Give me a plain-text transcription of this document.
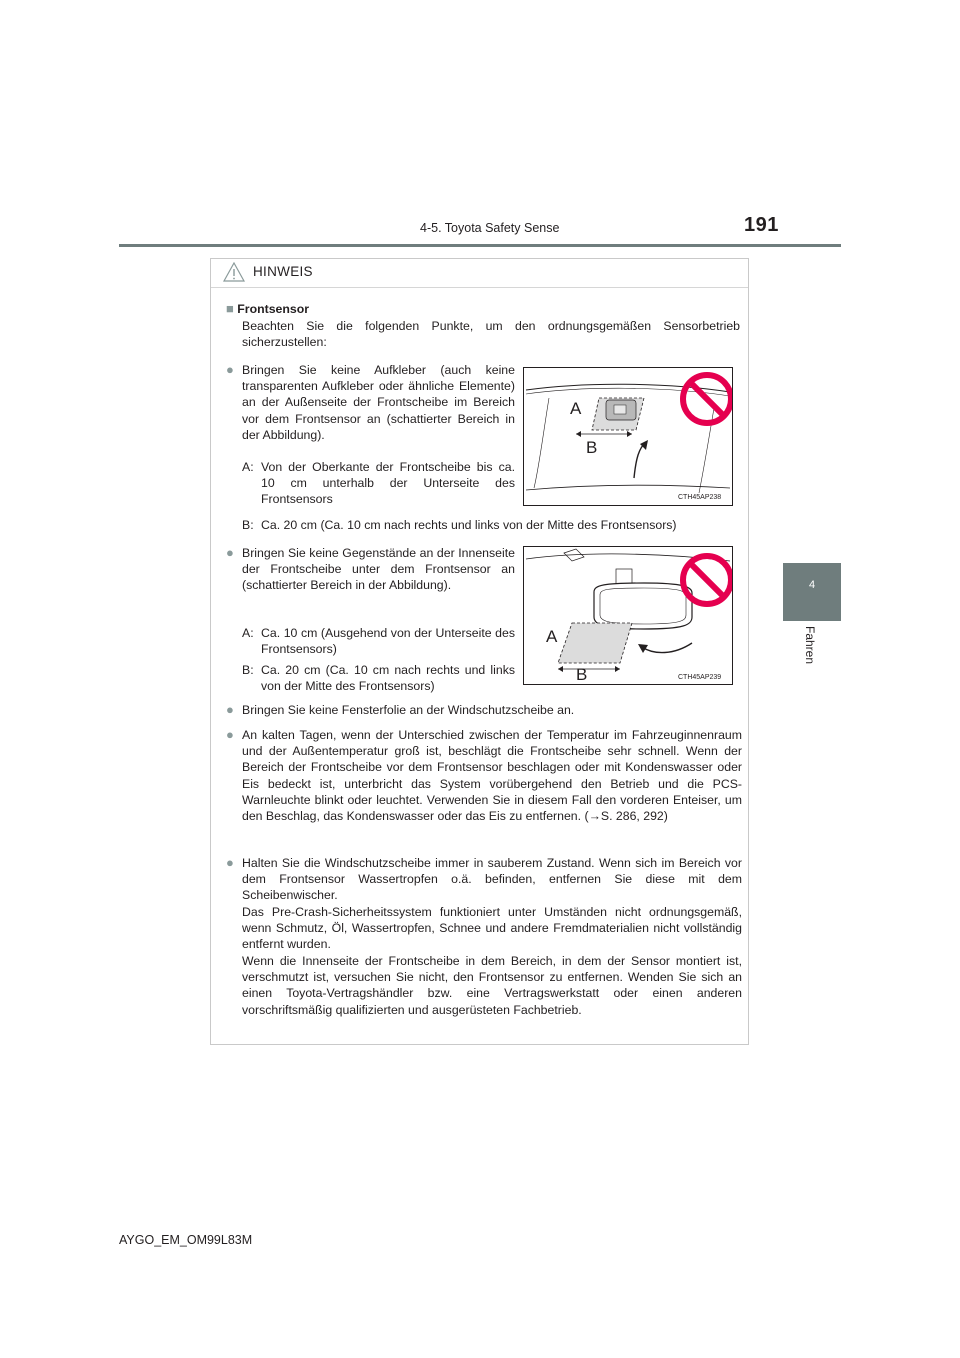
4-5. Toyota Safety Sense	191
4
Fahren
HINWEIS
■ Frontsensor
Beachten Sie die folgenden Punkte, um den ordnungsgemäßen Sensorbetrieb sicherzustellen:
● Bringen Sie keine Aufkleber (auch keine transparenten Aufkleber oder ähnliche Elemente) an der Außenseite der Frontscheibe im Bereich vor dem Frontsensor an (schattierter Bereich in der Abbildung).
A: Von der Oberkante der Frontscheibe bis ca. 10 cm unterhalb der Unterseite des Frontsensors
B: Ca. 20 cm (Ca. 10 cm nach rechts und links von der Mitte des Frontsensors)
A
B
CTH45AP238
● Bringen Sie keine Gegenstände an der Innenseite der Frontscheibe unter dem Frontsensor an (schattierter Bereich in der Abbildung).
A: Ca. 10 cm (Ausgehend von der Unterseite des Frontsensors)
B: Ca. 20 cm (Ca. 10 cm nach rechts und links von der Mitte des Frontsensors)
A
B	CTH45AP239
● Bringen Sie keine Fensterfolie an der Windschutzscheibe an.
● An kalten Tagen, wenn der Unterschied zwischen der Temperatur im Fahrzeuginnenraum und der Außentemperatur groß ist, beschlägt die Frontscheibe sehr schnell. Wenn der Bereich der Frontscheibe vor dem Frontsensor beschlagen oder mit Kondenswasser oder Eis bedeckt ist, unterbricht das System vorübergehend den Betrieb und die PCS-Warnleuchte blinkt oder leuchtet. Verwenden Sie in diesem Fall den vorderen Enteiser, um den Beschlag, das Kondenswasser oder das Eis zu entfernen. (→S. 286, 292)
● Halten Sie die Windschutzscheibe immer in sauberem Zustand. Wenn sich im Bereich vor dem Frontsensor Wassertropfen o.ä. befinden, entfernen Sie diese mit dem Scheibenwischer.
Das Pre-Crash-Sicherheitssystem funktioniert unter Umständen nicht ordnungsgemäß, wenn Schmutz, Öl, Wassertropfen, Schnee und andere Fremdmaterialien nicht vollständig entfernt wurden.
Wenn die Innenseite der Frontscheibe in dem Bereich, in dem der Sensor montiert ist, verschmutzt ist, versuchen Sie nicht, den Frontsensor zu entfernen. Wenden Sie sich an einen Toyota-Vertragshändler bzw. eine Vertragswerkstatt oder einen anderen vorschriftsmäßig qualifizierten und ausgerüsteten Fachbetrieb.
AYGO_EM_OM99L83M
